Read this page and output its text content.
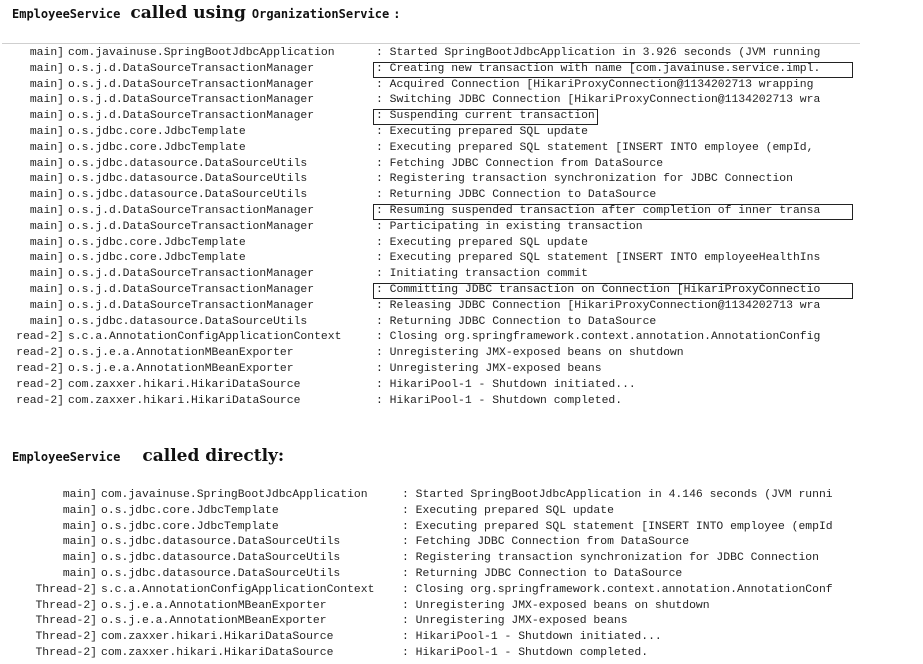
EmployeeService called using OrganizationService :
main] com.javainuse.SpringBootJdbcApplication	: Started SpringBootJdbcApplication in 3.926 seconds (JVM running
main] o.s.j.d.DataSourceTransactionManager	: Creating new transaction with name [com.javainuse.service.impl.
main] o.s.j.d.DataSourceTransactionManager	: Acquired Connection [HikariProxyConnection@1134202713 wrapping
main] o.s.j.d.DataSourceTransactionManager	: Switching JDBC Connection [HikariProxyConnection@1134202713 wra
main] o.s.j.d.DataSourceTransactionManager	: Suspending current transaction
main] o.s.jdbc.core.JdbcTemplate	: Executing prepared SQL update
main] o.s.jdbc.core.JdbcTemplate	: Executing prepared SQL statement [INSERT INTO employee (empId,
main] o.s.jdbc.datasource.DataSourceUtils	: Fetching JDBC Connection from DataSource
main] o.s.jdbc.datasource.DataSourceUtils	: Registering transaction synchronization for JDBC Connection
main] o.s.jdbc.datasource.DataSourceUtils	: Returning JDBC Connection to DataSource
main] o.s.j.d.DataSourceTransactionManager	: Resuming suspended transaction after completion of inner transa
main] o.s.j.d.DataSourceTransactionManager	: Participating in existing transaction
main] o.s.jdbc.core.JdbcTemplate	: Executing prepared SQL update
main] o.s.jdbc.core.JdbcTemplate	: Executing prepared SQL statement [INSERT INTO employeeHealthIns
main] o.s.j.d.DataSourceTransactionManager	: Initiating transaction commit
main] o.s.j.d.DataSourceTransactionManager	: Committing JDBC transaction on Connection [HikariProxyConnectio
main] o.s.j.d.DataSourceTransactionManager	: Releasing JDBC Connection [HikariProxyConnection@1134202713 wra
main] o.s.jdbc.datasource.DataSourceUtils	: Returning JDBC Connection to DataSource
read-2] s.c.a.AnnotationConfigApplicationContext	: Closing org.springframework.context.annotation.AnnotationConfig
read-2] o.s.j.e.a.AnnotationMBeanExporter	: Unregistering JMX-exposed beans on shutdown
read-2] o.s.j.e.a.AnnotationMBeanExporter	: Unregistering JMX-exposed beans
read-2] com.zaxxer.hikari.HikariDataSource	: HikariPool-1 - Shutdown initiated...
read-2] com.zaxxer.hikari.HikariDataSource	: HikariPool-1 - Shutdown completed.
EmployeeService called directly:
main] com.javainuse.SpringBootJdbcApplication	: Started SpringBootJdbcApplication in 4.146 seconds (JVM runni
main] o.s.jdbc.core.JdbcTemplate	: Executing prepared SQL update
main] o.s.jdbc.core.JdbcTemplate	: Executing prepared SQL statement [INSERT INTO employee (empId
main] o.s.jdbc.datasource.DataSourceUtils	: Fetching JDBC Connection from DataSource
main] o.s.jdbc.datasource.DataSourceUtils	: Registering transaction synchronization for JDBC Connection
main] o.s.jdbc.datasource.DataSourceUtils	: Returning JDBC Connection to DataSource
Thread-2] s.c.a.AnnotationConfigApplicationContext : Closing org.springframework.context.annotation.AnnotationConf
Thread-2] o.s.j.e.a.AnnotationMBeanExporter	: Unregistering JMX-exposed beans on shutdown
Thread-2] o.s.j.e.a.AnnotationMBeanExporter	: Unregistering JMX-exposed beans
Thread-2] com.zaxxer.hikari.HikariDataSource	: HikariPool-1 - Shutdown initiated...
Thread-2] com.zaxxer.hikari.HikariDataSource	: HikariPool-1 - Shutdown completed.
